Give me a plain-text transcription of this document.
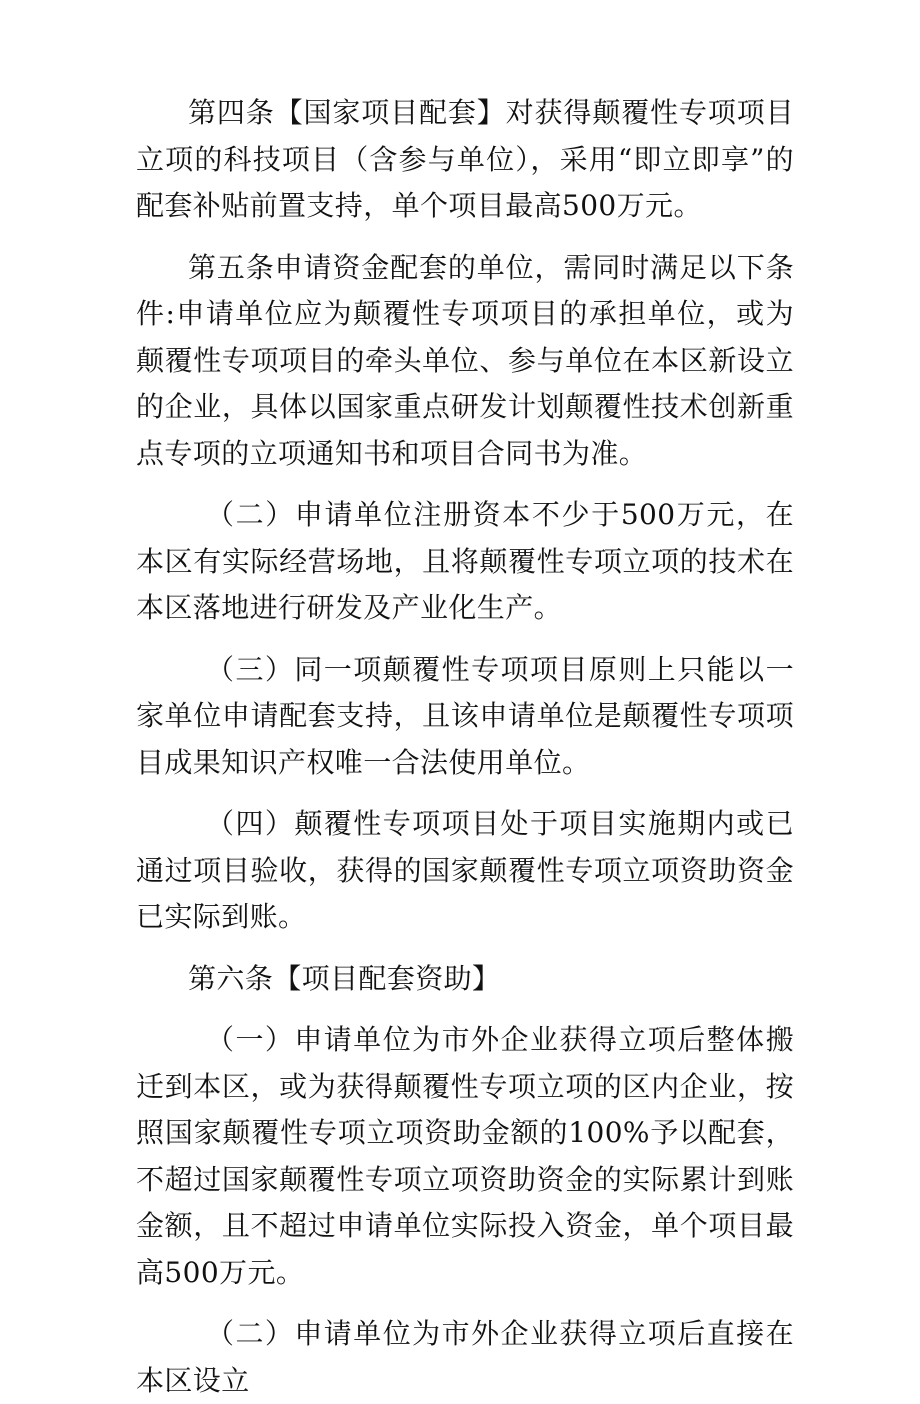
第四条【国家项目配套】对获得颠覆性专项项目立项的科技项目（含参与单位），采用“即立即享”的配套补贴前置支持，单个项目最高500万元。

第五条申请资金配套的单位，需同时满足以下条件:申请单位应为颠覆性专项项目的承担单位，或为颠覆性专项项目的牵头单位、参与单位在本区新设立的企业，具体以国家重点研发计划颠覆性技术创新重点专项的立项通知书和项目合同书为准。

（二）申请单位注册资本不少于500万元，在本区有实际经营场地，且将颠覆性专项立项的技术在本区落地进行研发及产业化生产。

（三）同一项颠覆性专项项目原则上只能以一家单位申请配套支持，且该申请单位是颠覆性专项项目成果知识产权唯一合法使用单位。

（四）颠覆性专项项目处于项目实施期内或已通过项目验收，获得的国家颠覆性专项立项资助资金已实际到账。

第六条【项目配套资助】

（一）申请单位为市外企业获得立项后整体搬迁到本区，或为获得颠覆性专项立项的区内企业，按照国家颠覆性专项立项资助金额的100%予以配套，不超过国家颠覆性专项立项资助资金的实际累计到账金额，且不超过申请单位实际投入资金，单个项目最高500万元。

（二）申请单位为市外企业获得立项后直接在本区设立
